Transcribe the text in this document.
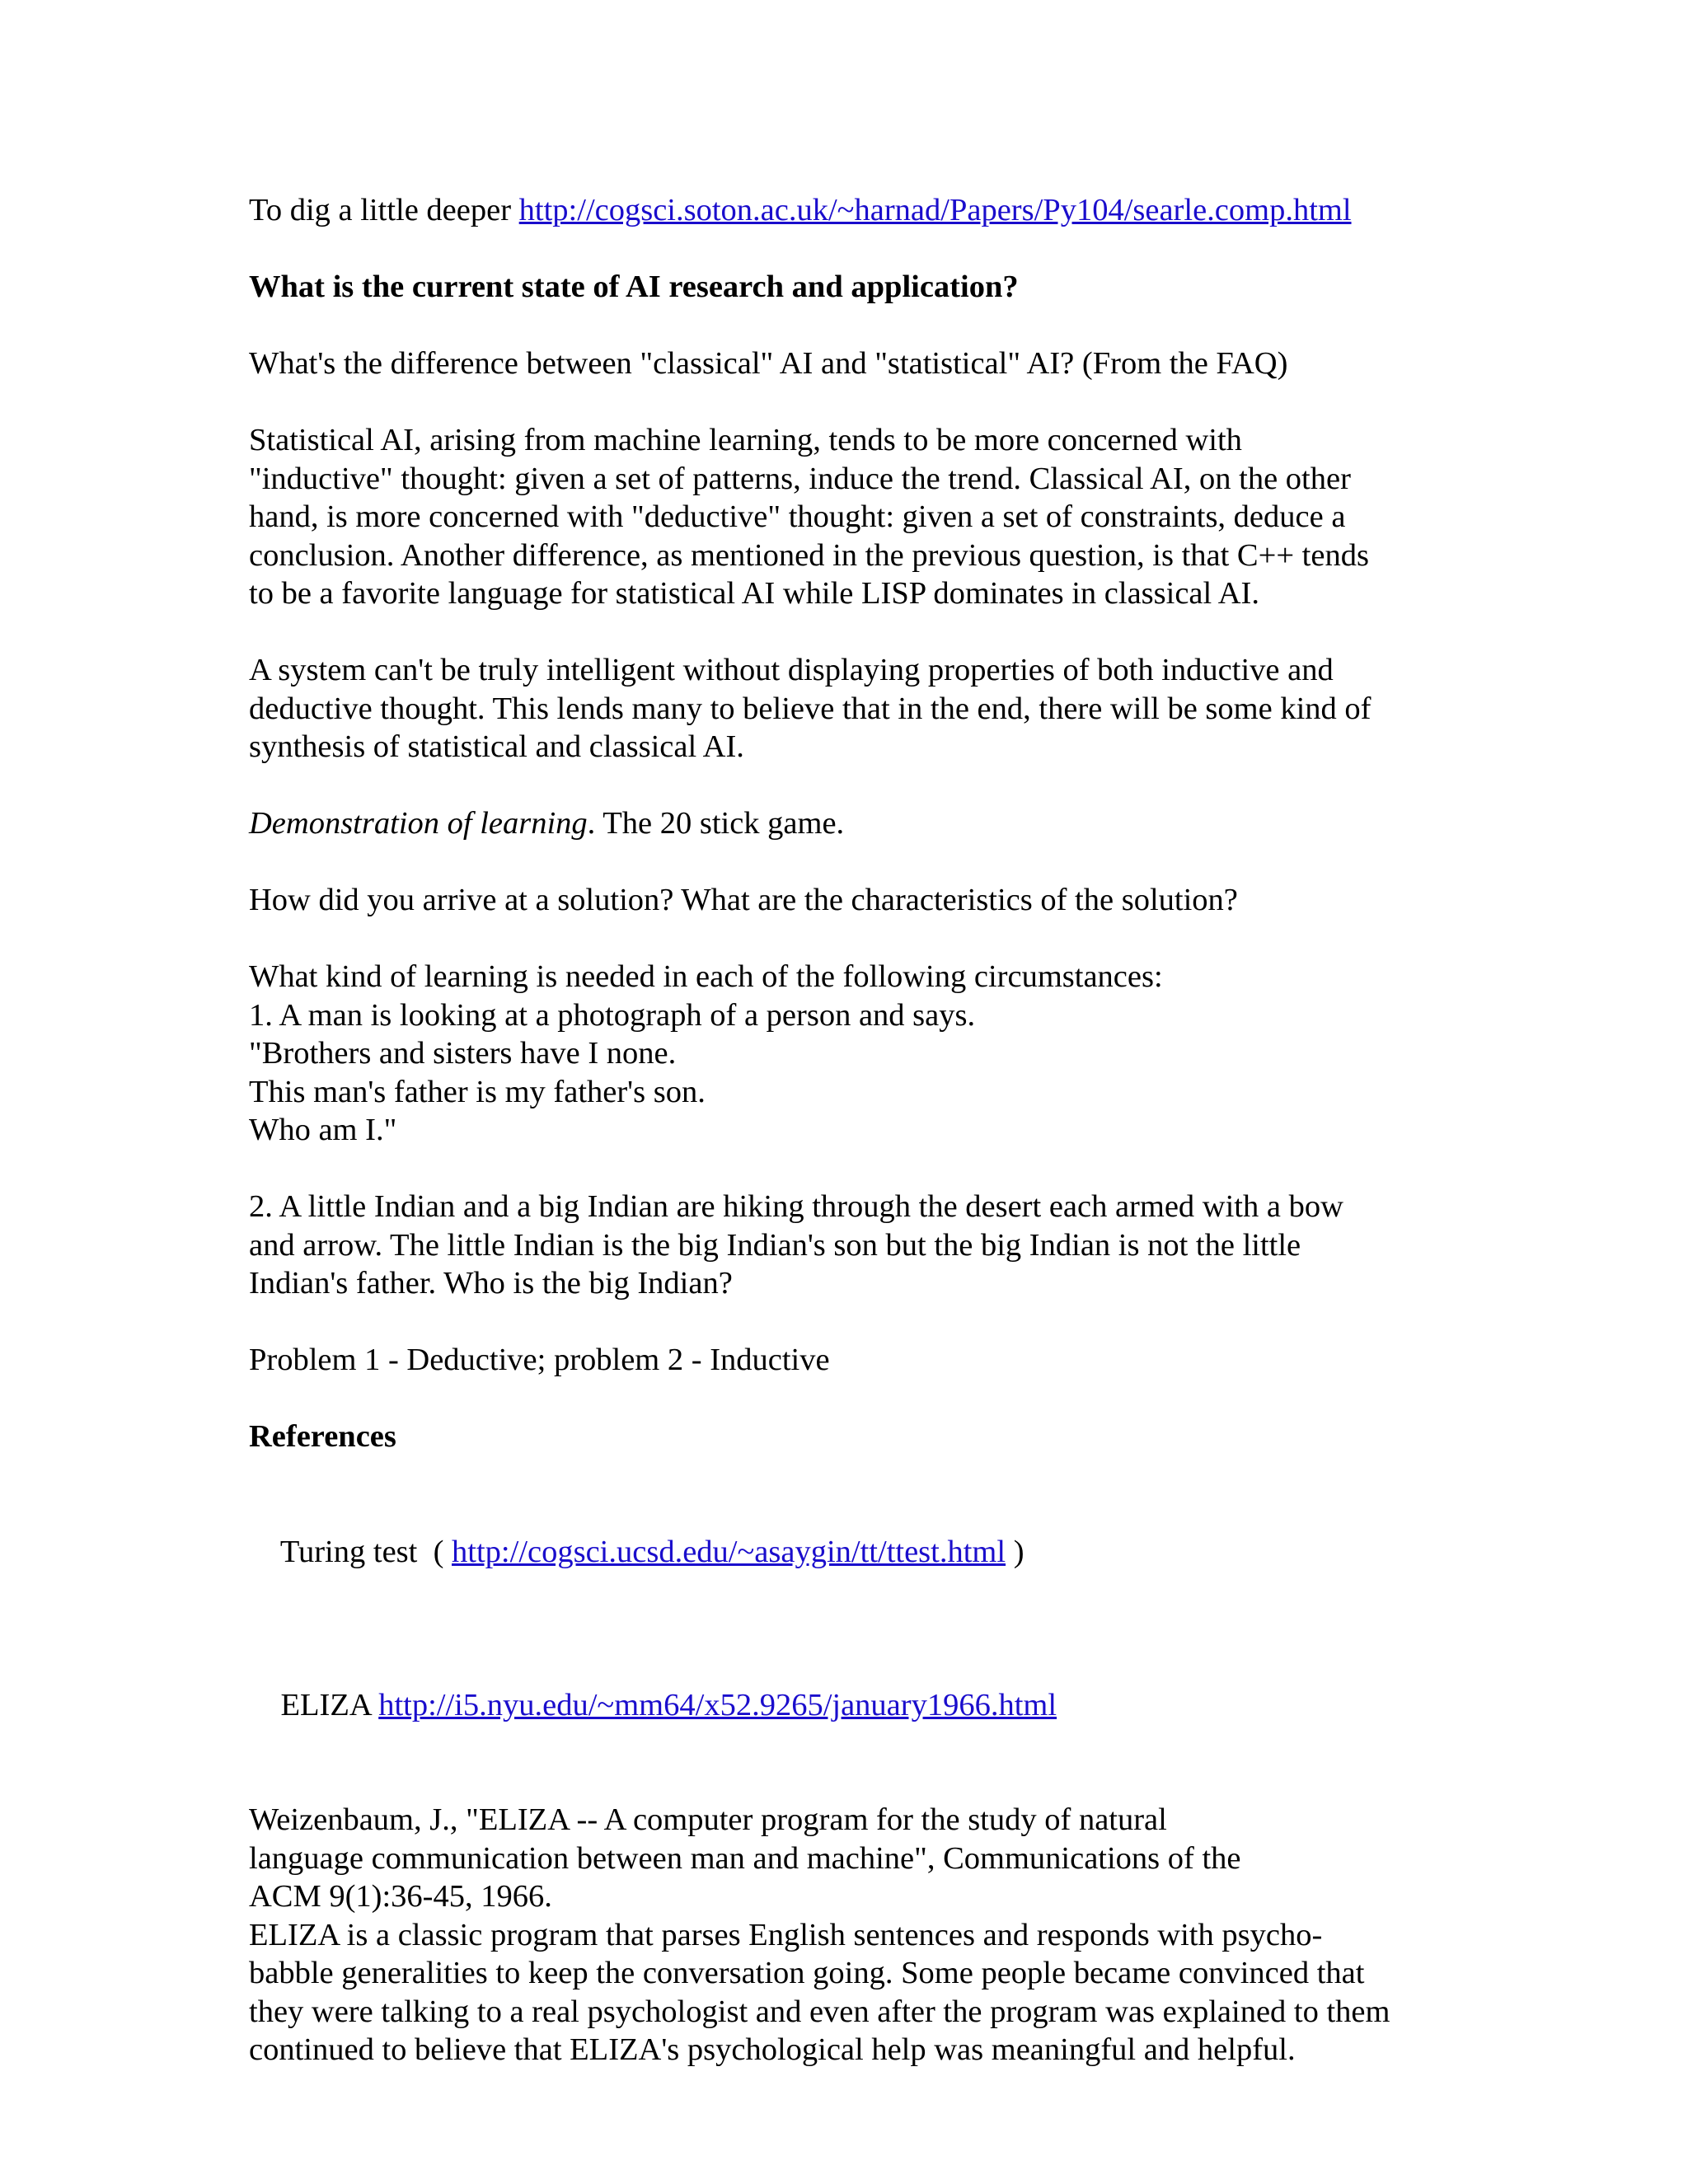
To dig a little deeper http://cogsci.soton.ac.uk/~harnad/Papers/Py104/searle.comp.html

What is the current state of AI research and application?

What's the difference between "classical" AI and "statistical" AI? (From the FAQ)

Statistical AI, arising from machine learning, tends to be more concerned with
"inductive" thought: given a set of patterns, induce the trend. Classical AI, on the other
hand, is more concerned with "deductive" thought: given a set of constraints, deduce a
conclusion. Another difference, as mentioned in the previous question, is that C++ tends
to be a favorite language for statistical AI while LISP dominates in classical AI.

A system can't be truly intelligent without displaying properties of both inductive and
deductive thought. This lends many to believe that in the end, there will be some kind of
synthesis of statistical and classical AI.

Demonstration of learning. The 20 stick game.

How did you arrive at a solution? What are the characteristics of the solution?

What kind of learning is needed in each of the following circumstances:
1. A man is looking at a photograph of a person and says.
"Brothers and sisters have I none.
This man's father is my father's son.
Who am I."

2. A little Indian and a big Indian are hiking through the desert each armed with a bow
and arrow. The little Indian is the big Indian's son but the big Indian is not the little
Indian's father. Who is the big Indian?

Problem 1 - Deductive; problem 2 - Inductive

References

Turing test  ( http://cogsci.ucsd.edu/~asaygin/tt/ttest.html )

ELIZA http://i5.nyu.edu/~mm64/x52.9265/january1966.html

Weizenbaum, J., "ELIZA -- A computer program for the study of natural
language communication between man and machine", Communications of the
ACM 9(1):36-45, 1966.
ELIZA is a classic program that parses English sentences and responds with psycho-
babble generalities to keep the conversation going. Some people became convinced that
they were talking to a real psychologist and even after the program was explained to them
continued to believe that ELIZA's psychological help was meaningful and helpful.
